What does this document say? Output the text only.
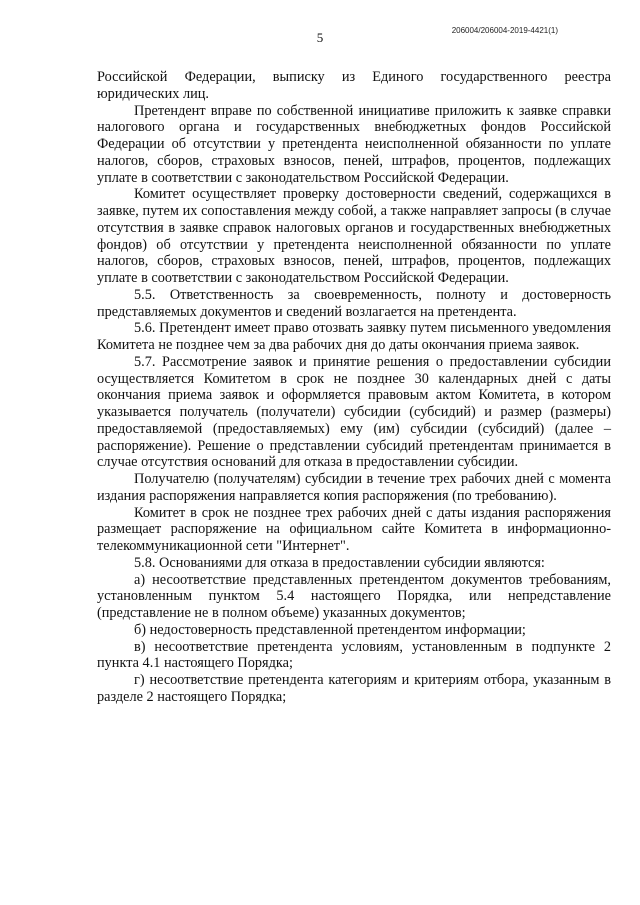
206004/206004-2019-4421(1)
5

Российской Федерации, выписку из Единого государственного реестра юридических лиц.

Претендент вправе по собственной инициативе приложить к заявке справки налогового органа и государственных внебюджетных фондов Российской Федерации об отсутствии у претендента неисполненной обязанности по уплате налогов, сборов, страховых взносов, пеней, штрафов, процентов, подлежащих уплате в соответствии с законодательством Российской Федерации.

Комитет осуществляет проверку достоверности сведений, содержащихся в заявке, путем их сопоставления между собой, а также направляет запросы (в случае отсутствия в заявке справок налоговых органов и государственных внебюджетных фондов) об отсутствии у претендента неисполненной обязанности по уплате налогов, сборов, страховых взносов, пеней, штрафов, процентов, подлежащих уплате в соответствии с законодательством Российской Федерации.

5.5. Ответственность за своевременность, полноту и достоверность представляемых документов и сведений возлагается на претендента.

5.6. Претендент имеет право отозвать заявку путем письменного уведомления Комитета не позднее чем за два рабочих дня до даты окончания приема заявок.

5.7. Рассмотрение заявок и принятие решения о предоставлении субсидии осуществляется Комитетом в срок не позднее 30 календарных дней с даты окончания приема заявок и оформляется правовым актом Комитета, в котором указывается получатель (получатели) субсидии (субсидий) и размер (размеры) предоставляемой (предоставляемых) ему (им) субсидии (субсидий) (далее – распоряжение). Решение о представлении субсидий претендентам принимается в случае отсутствия оснований для отказа в предоставлении субсидии.

Получателю (получателям) субсидии в течение трех рабочих дней с момента издания распоряжения направляется копия распоряжения (по требованию).

Комитет в срок не позднее трех рабочих дней с даты издания распоряжения размещает распоряжение на официальном сайте Комитета в информационно-телекоммуникационной сети "Интернет".

5.8. Основаниями для отказа в предоставлении субсидии являются:

а) несоответствие представленных претендентом документов требованиям, установленным пунктом 5.4 настоящего Порядка, или непредставление (представление не в полном объеме) указанных документов;

б) недостоверность представленной претендентом информации;

в) несоответствие претендента условиям, установленным в подпункте 2 пункта 4.1 настоящего Порядка;

г) несоответствие претендента категориям и критериям отбора, указанным в разделе 2 настоящего Порядка;
